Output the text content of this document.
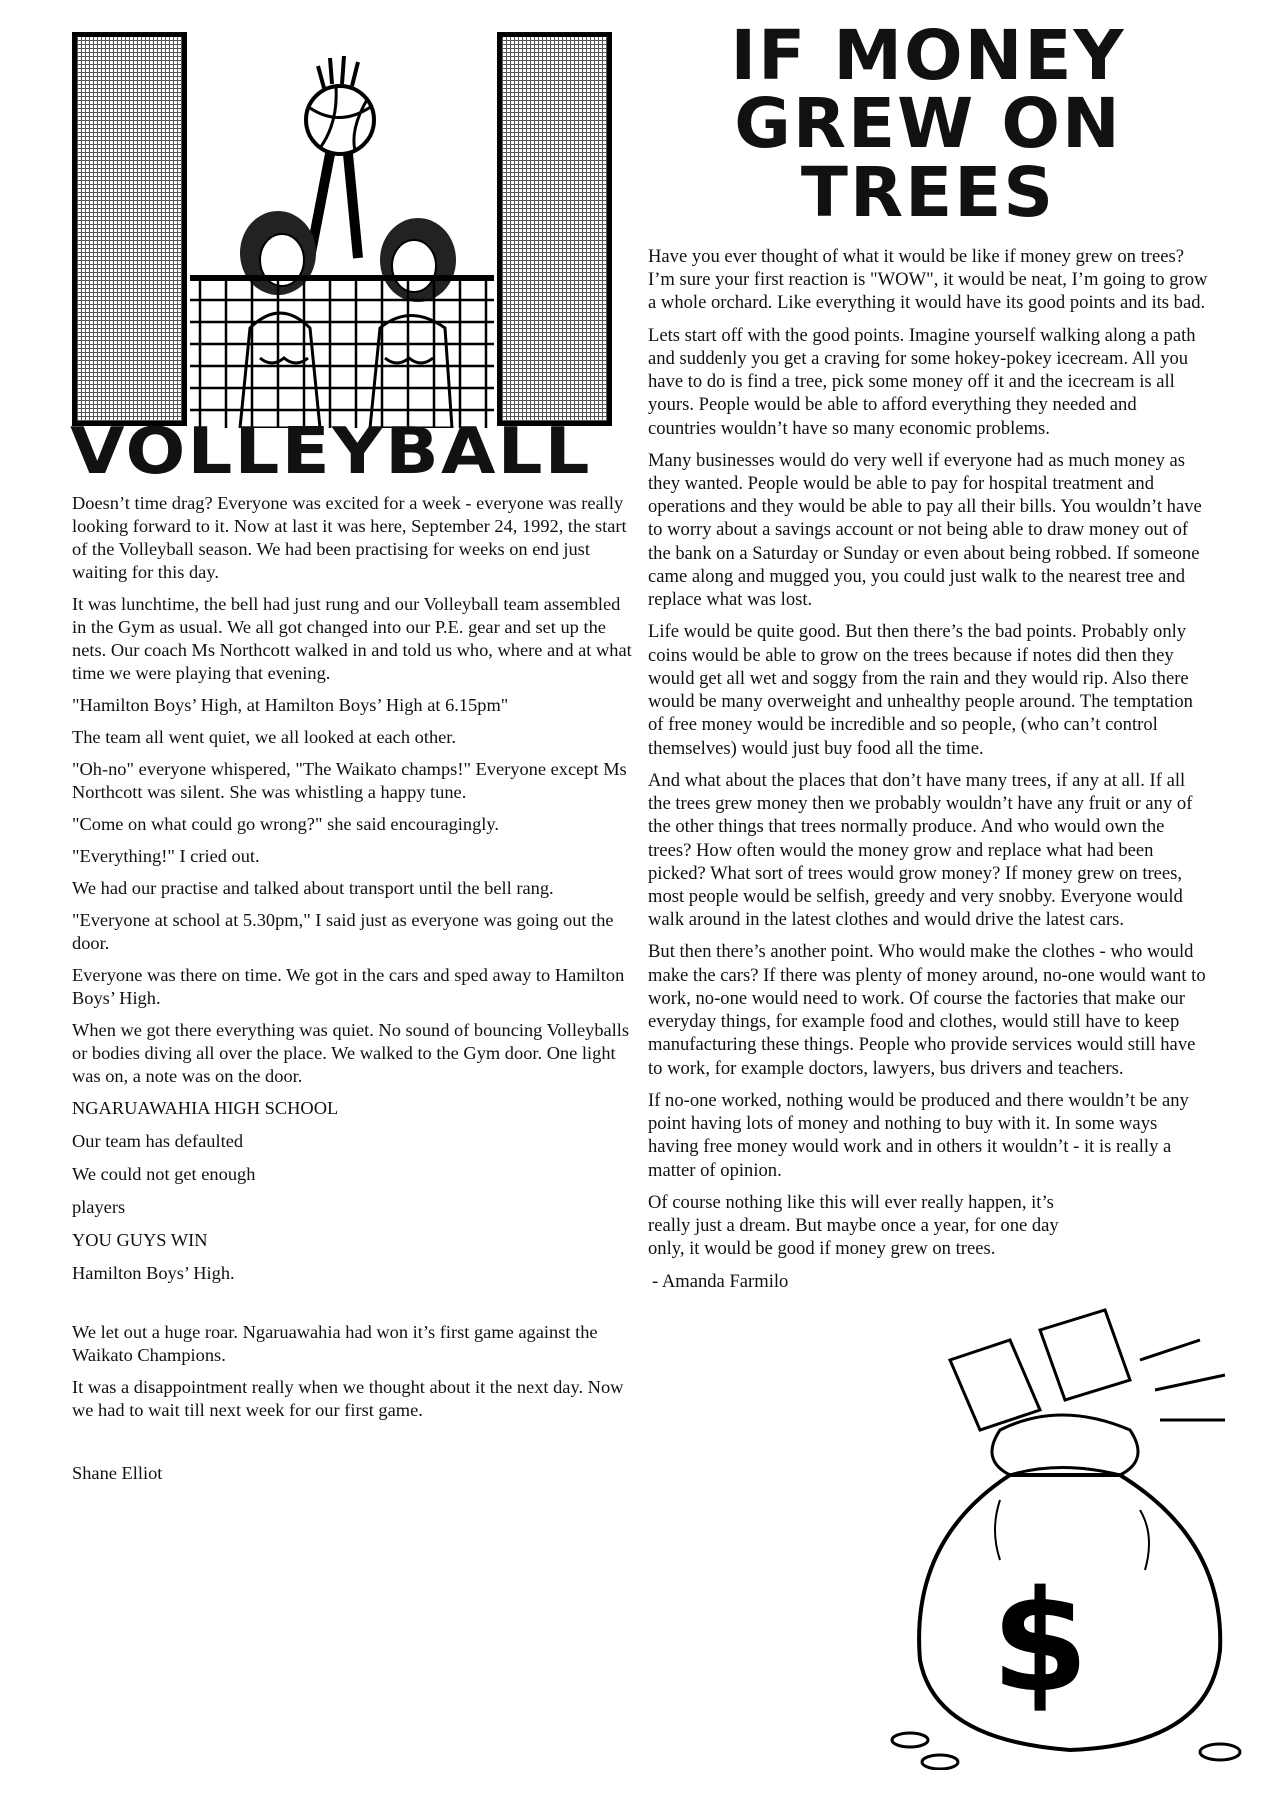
VOLLEYBALL

Doesn’t time drag? Everyone was excited for a week - everyone was really looking forward to it. Now at last it was here, September 24, 1992, the start of the Volleyball season. We had been practising for weeks on end just waiting for this day.

It was lunchtime, the bell had just rung and our Volleyball team assembled in the Gym as usual. We all got changed into our P.E. gear and set up the nets. Our coach Ms Northcott walked in and told us who, where and at what time we were playing that evening.

"Hamilton Boys’ High, at Hamilton Boys’ High at 6.15pm"

The team all went quiet, we all looked at each other.

"Oh-no" everyone whispered, "The Waikato champs!" Everyone except Ms Northcott was silent. She was whistling a happy tune.

"Come on what could go wrong?" she said encouragingly.

"Everything!" I cried out.

We had our practise and talked about transport until the bell rang.

"Everyone at school at 5.30pm," I said just as everyone was going out the door.

Everyone was there on time. We got in the cars and sped away to Hamilton Boys’ High.

When we got there everything was quiet. No sound of bouncing Volleyballs or bodies diving all over the place. We walked to the Gym door. One light was on, a note was on the door.

NGARUAWAHIA HIGH SCHOOL

Our team has defaulted

We could not get enough

players

YOU GUYS WIN

Hamilton Boys’ High.

We let out a huge roar. Ngaruawahia had won it’s first game against the Waikato Champions.

It was a disappointment really when we thought about it the next day. Now we had to wait till next week for our first game.

Shane Elliot

IF MONEY
GREW ON
TREES

Have you ever thought of what it would be like if money grew on trees? I’m sure your first reaction is "WOW", it would be neat, I’m going to grow a whole orchard. Like everything it would have its good points and its bad.

Lets start off with the good points. Imagine yourself walking along a path and suddenly you get a craving for some hokey-pokey icecream. All you have to do is find a tree, pick some money off it and the icecream is all yours. People would be able to afford everything they needed and countries wouldn’t have so many economic problems.

Many businesses would do very well if everyone had as much money as they wanted. People would be able to pay for hospital treatment and operations and they would be able to pay all their bills. You wouldn’t have to worry about a savings account or not being able to draw money out of the bank on a Saturday or Sunday or even about being robbed. If someone came along and mugged you, you could just walk to the nearest tree and replace what was lost.

Life would be quite good. But then there’s the bad points. Probably only coins would be able to grow on the trees because if notes did then they would get all wet and soggy from the rain and they would rip. Also there would be many overweight and unhealthy people around. The temptation of free money would be incredible and so people, (who can’t control themselves) would just buy food all the time.

And what about the places that don’t have many trees, if any at all. If all the trees grew money then we probably wouldn’t have any fruit or any of the other things that trees normally produce. And who would own the trees? How often would the money grow and replace what had been picked? What sort of trees would grow money? If money grew on trees, most people would be selfish, greedy and very snobby. Everyone would walk around in the latest clothes and would drive the latest cars.

But then there’s another point. Who would make the clothes - who would make the cars? If there was plenty of money around, no-one would want to work, no-one would need to work. Of course the factories that make our everyday things, for example food and clothes, would still have to keep manufacturing these things. People who provide services would still have to work, for example doctors, lawyers, bus drivers and teachers.

If no-one worked, nothing would be produced and there wouldn’t be any point having lots of money and nothing to buy with it. In some ways having free money would work and in others it wouldn’t - it is really a matter of opinion.

Of course nothing like this will ever really happen, it’s really just a dream. But maybe once a year, for one day only, it would be good if money grew on trees.

- Amanda Farmilo

$
